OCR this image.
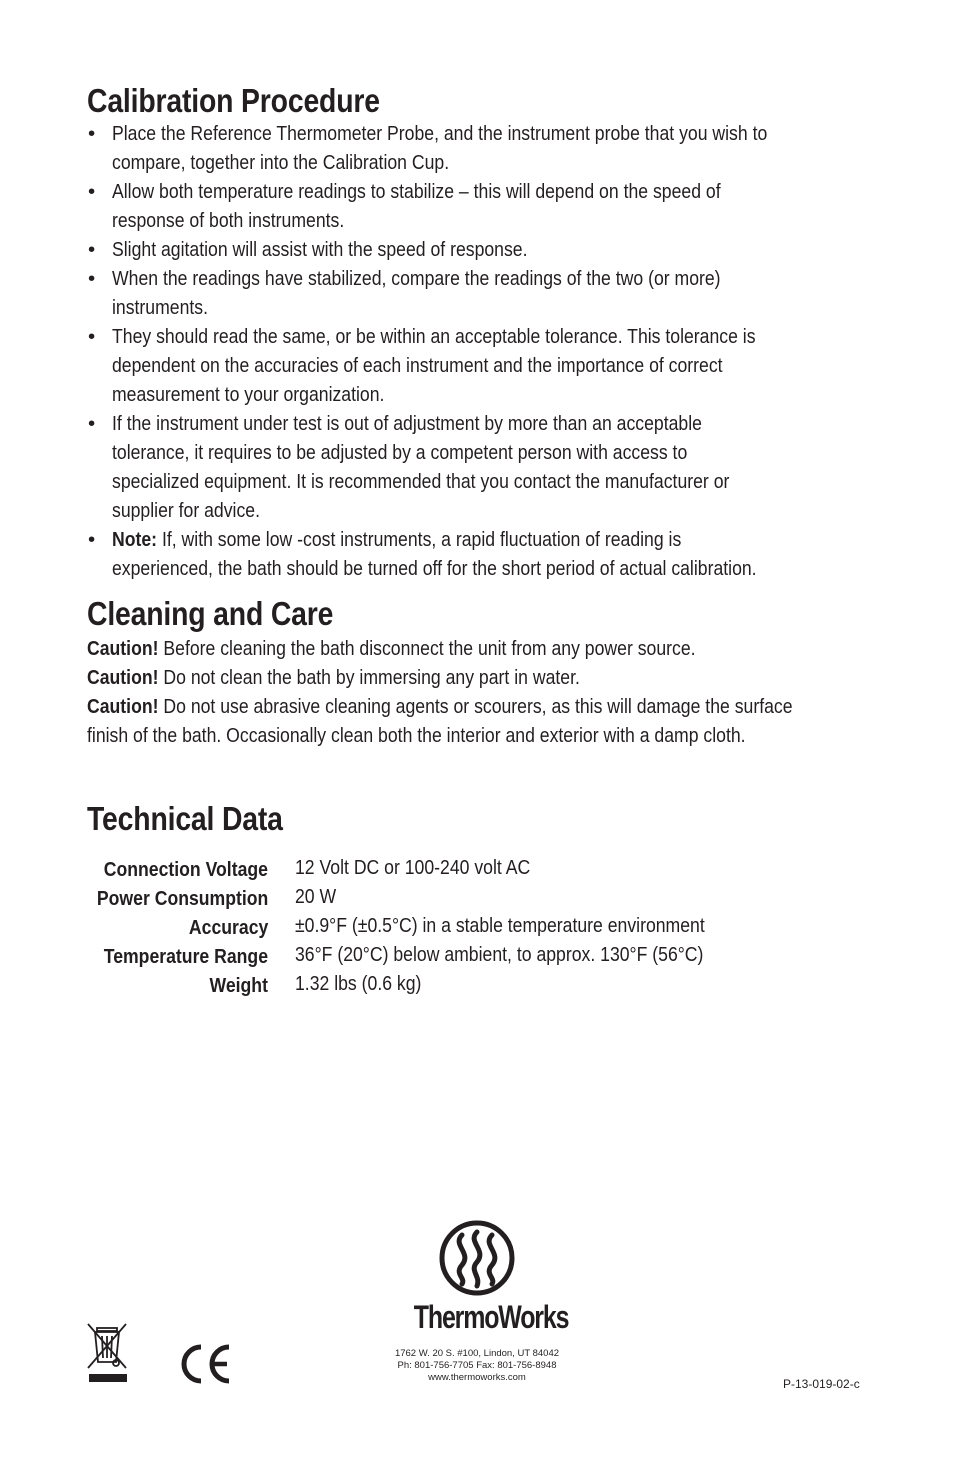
Calibration Procedure
• Place the Reference Thermometer Probe, and the instrument probe that you wish to
compare, together into the Calibration Cup.
• Allow both temperature readings to stabilize – this will depend on the speed of
response of both instruments.
• Slight agitation will assist with the speed of response.
• When the readings have stabilized, compare the readings of the two (or more)
instruments.
• They should read the same, or be within an acceptable tolerance. This tolerance is
dependent on the accuracies of each instrument and the importance of correct
measurement to your organization.
• If the instrument under test is out of adjustment by more than an acceptable
tolerance, it requires to be adjusted by a competent person with access to
specialized equipment. It is recommended that you contact the manufacturer or
supplier for advice.
• Note: If, with some low -cost instruments, a rapid fluctuation of reading is
experienced, the bath should be turned off for the short period of actual calibration.
Cleaning and Care

Caution! Before cleaning the bath disconnect the unit from any power source.

Caution! Do not clean the bath by immersing any part in water.

Caution! Do not use abrasive cleaning agents or scourers, as this will damage the surface

finish of the bath. Occasionally clean both the interior and exterior with a damp cloth.

Technical Data
Connection Voltage 12 Volt DC or 100-240 volt AC
Power Consumption 20 W
Accuracy ±0.9°F (±0.5°C) in a stable temperature environment
Temperature Range 36°F (20°C) below ambient, to approx. 130°F (56°C)
Weight 1.32 lbs (0.6 kg)
ThermoWorks
1762 W. 20 S. #100, Lindon, UT 84042
Ph: 801-756-7705 Fax: 801-756-8948
www.thermoworks.com	P-13-019-02-c
